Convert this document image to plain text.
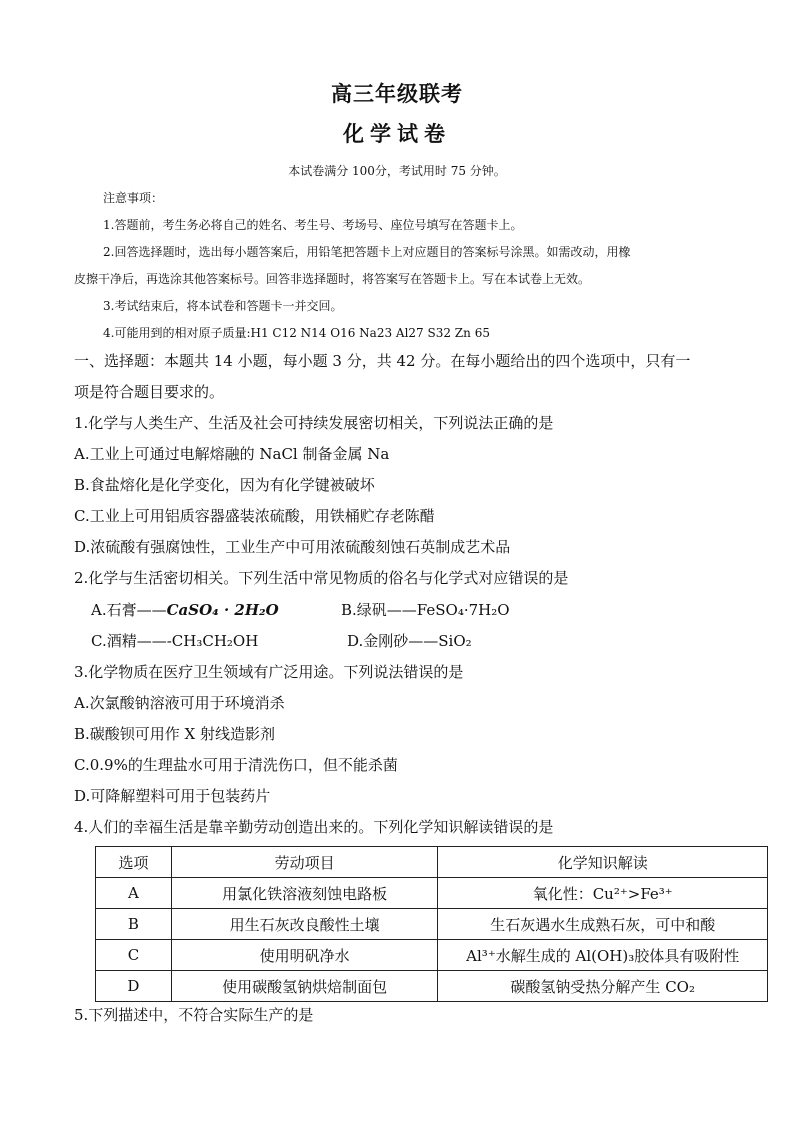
高三年级联考
化学试卷
本试卷满分 100分，考试用时 75 分钟。
注意事项：
1.答题前，考生务必将自己的姓名、考生号、考场号、座位号填写在答题卡上。
2.回答选择题时，选出每小题答案后，用铅笔把答题卡上对应题目的答案标号涂黑。如需改动，用橡
皮擦干净后，再选涂其他答案标号。回答非选择题时，将答案写在答题卡上。写在本试卷上无效。
3.考试结束后，将本试卷和答题卡一并交回。
4.可能用到的相对原子质量:H1 C12 N14 O16 Na23 Al27 S32 Zn 65
一、选择题：本题共 14 小题，每小题 3 分，共 42 分。在每小题给出的四个选项中，只有一
项是符合题目要求的。
1.化学与人类生产、生活及社会可持续发展密切相关，下列说法正确的是
A.工业上可通过电解熔融的 NaCl 制备金属 Na
B.食盐熔化是化学变化，因为有化学键被破坏
C.工业上可用铝质容器盛装浓硫酸，用铁桶贮存老陈醋
D.浓硫酸有强腐蚀性，工业生产中可用浓硫酸刻蚀石英制成艺术品
2.化学与生活密切相关。下列生活中常见物质的俗名与化学式对应错误的是
A.石膏——CaSO₄ · 2H₂O	B.绿矾——FeSO₄·7H₂O
C.酒精——-CH₃CH₂OH	D.金刚砂——SiO₂
3.化学物质在医疗卫生领域有广泛用途。下列说法错误的是
A.次氯酸钠溶液可用于环境消杀
B.碳酸钡可用作 X 射线造影剂
C.0.9%的生理盐水可用于清洗伤口，但不能杀菌
D.可降解塑料可用于包装药片
4.人们的幸福生活是靠辛勤劳动创造出来的。下列化学知识解读错误的是
选项	劳动项目	化学知识解读
A	用氯化铁溶液刻蚀电路板	氧化性：Cu²⁺>Fe³⁺
B	用生石灰改良酸性土壤	生石灰遇水生成熟石灰，可中和酸
C	使用明矾净水	Al³⁺水解生成的 Al(OH)₃胶体具有吸附性
D	使用碳酸氢钠烘焙制面包	碳酸氢钠受热分解产生 CO₂
5.下列描述中，不符合实际生产的是
